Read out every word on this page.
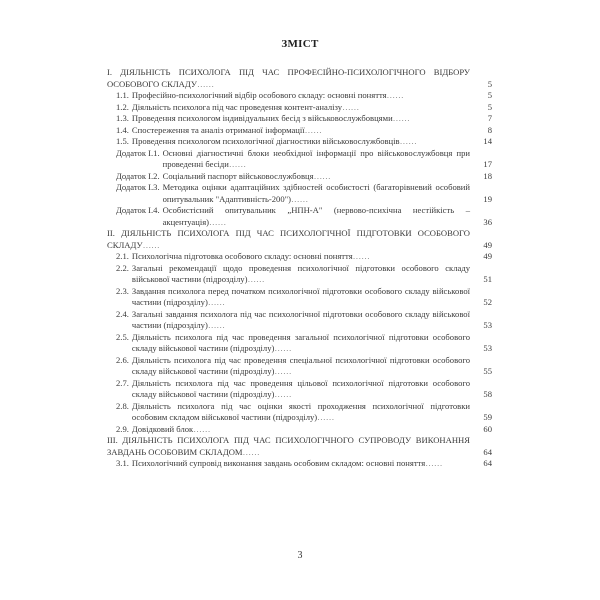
ЗМІСТ
І. ДІЯЛЬНІСТЬ ПСИХОЛОГА ПІД ЧАС ПРОФЕСІЙНО-ПСИХОЛОГІЧНОГО ВІДБОРУ ОСОБОВОГО СКЛАДУ……	5
1.1. Професійно-психологічний відбір особового складу: основні поняття……	5
1.2. Діяльність психолога під час проведення контент-аналізу……	5
1.3. Проведення психологом індивідуальних бесід з військовослужбовцями……	7
1.4. Спостереження та аналіз отриманої інформації……	8
1.5. Проведення психологом психологічної діагностики військовослужбовців……	14
Додаток І.1. Основні діагностичні блоки необхідної інформації про військовослужбовця при проведенні бесіди……	17
Додаток І.2. Соціальний паспорт військовослужбовця……	18
Додаток І.3. Методика оцінки адаптаційних здібностей особистості (багаторівневий особовий опитувальник "Адаптивність-200")……	19
Додаток І.4. Особистісний опитувальник „НПН-А" (нервово-психічна нестійкість – акцентуація)……	36
ІІ. ДІЯЛЬНІСТЬ ПСИХОЛОГА ПІД ЧАС ПСИХОЛОГІЧНОЇ ПІДГОТОВКИ ОСОБОВОГО СКЛАДУ……	49
2.1. Психологічна підготовка особового складу: основні поняття……	49
2.2. Загальні рекомендації щодо проведення психологічної підготовки особового складу військової частини (підрозділу)……	51
2.3. Завдання психолога перед початком психологічної підготовки особового складу військової частини (підрозділу)……	52
2.4. Загальні завдання психолога під час психологічної підготовки особового складу військової частини (підрозділу)……	53
2.5. Діяльність психолога під час проведення загальної психологічної підготовки особового складу військової частини (підрозділу)……	53
2.6. Діяльність психолога під час проведення спеціальної психологічної підготовки особового складу військової частини (підрозділу)……	55
2.7. Діяльність психолога під час проведення цільової психологічної підготовки особового складу військової частини (підрозділу)……	58
2.8. Діяльність психолога під час оцінки якості проходження психологічної підготовки особовим складом військової частини (підрозділу)……	59
2.9. Довідковий блок……	60
ІІІ. ДІЯЛЬНІСТЬ ПСИХОЛОГА ПІД ЧАС ПСИХОЛОГІЧНОГО СУПРОВОДУ ВИКОНАННЯ ЗАВДАНЬ ОСОБОВИМ СКЛАДОМ……	64
3.1. Психологічний супровід виконання завдань особовим складом: основні поняття……	64
3
